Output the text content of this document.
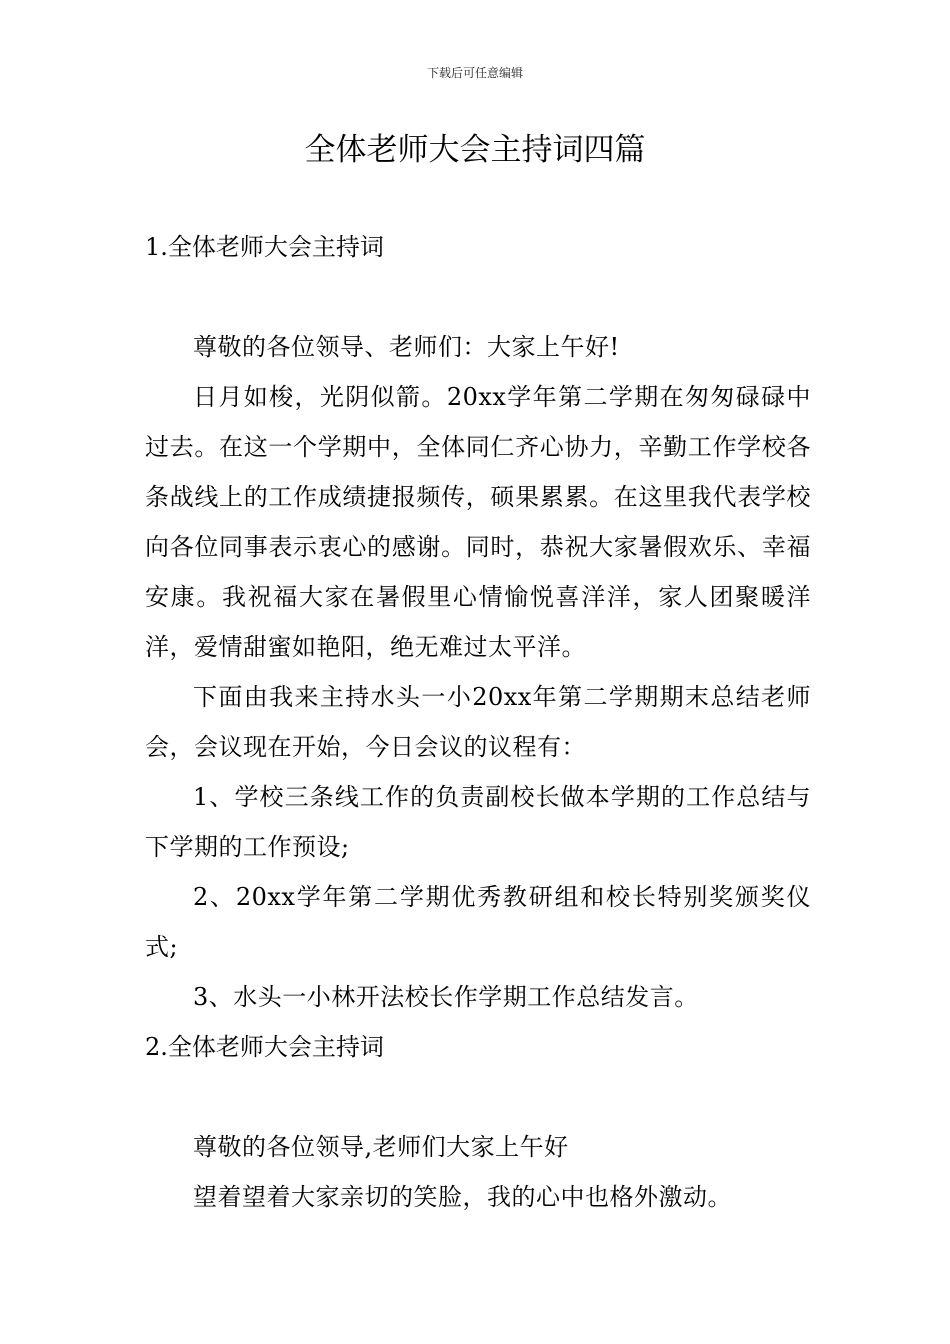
下载后可任意编辑
全体老师大会主持词四篇
1.全体老师大会主持词

尊敬的各位领导、老师们：大家上午好!

日月如梭，光阴似箭。20xx学年第二学期在匆匆碌碌中过去。在这一个学期中，全体同仁齐心协力，辛勤工作学校各条战线上的工作成绩捷报频传，硕果累累。在这里我代表学校向各位同事表示衷心的感谢。同时，恭祝大家暑假欢乐、幸福安康。我祝福大家在暑假里心情愉悦喜洋洋，家人团聚暖洋洋，爱情甜蜜如艳阳，绝无难过太平洋。

下面由我来主持水头一小20xx年第二学期期末总结老师会，会议现在开始，今日会议的议程有：

1、学校三条线工作的负责副校长做本学期的工作总结与下学期的工作预设;

2、20xx学年第二学期优秀教研组和校长特别奖颁奖仪式;

3、水头一小林开法校长作学期工作总结发言。

2.全体老师大会主持词

尊敬的各位领导,老师们大家上午好

望着望着大家亲切的笑脸，我的心中也格外激动。
